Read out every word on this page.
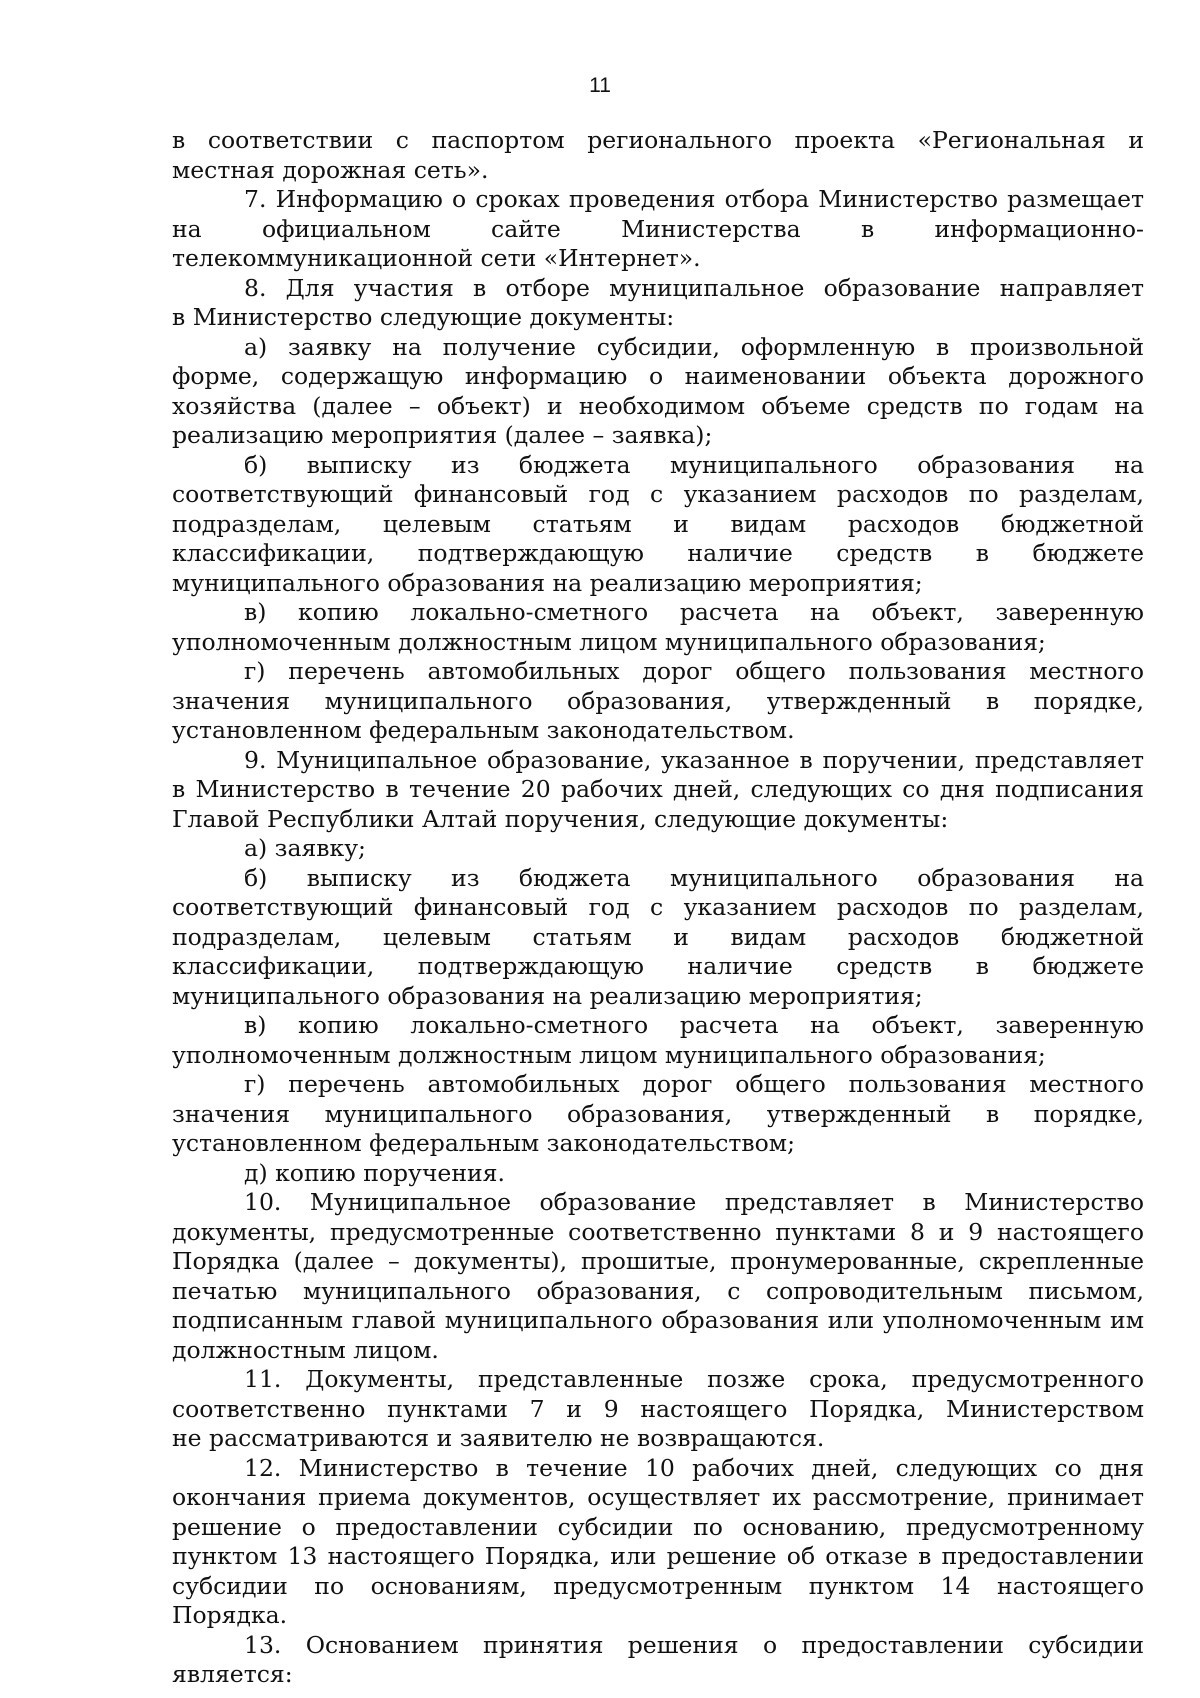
11

в соответствии с паспортом регионального проекта «Региональная и местная дорожная сеть».

7. Информацию о сроках проведения отбора Министерство размещает на официальном сайте Министерства в информационно-телекоммуникационной сети «Интернет».

8. Для участия в отборе муниципальное образование направляет

в Министерство следующие документы:

а) заявку на получение субсидии, оформленную в произвольной форме, содержащую информацию о наименовании объекта дорожного хозяйства (далее – объект) и необходимом объеме средств по годам на реализацию мероприятия (далее – заявка);

б) выписку из бюджета муниципального образования на соответствующий финансовый год с указанием расходов по разделам, подразделам, целевым статьям и видам расходов бюджетной классификации, подтверждающую наличие средств в бюджете муниципального образования на реализацию мероприятия;

в) копию локально-сметного расчета на объект, заверенную уполномоченным должностным лицом муниципального образования;

г) перечень автомобильных дорог общего пользования местного значения муниципального образования, утвержденный в порядке, установленном федеральным законодательством.

9. Муниципальное образование, указанное в поручении, представляет в Министерство в течение 20 рабочих дней, следующих со дня подписания Главой Республики Алтай поручения, следующие документы:

а) заявку;

б) выписку из бюджета муниципального образования на соответствующий финансовый год с указанием расходов по разделам, подразделам, целевым статьям и видам расходов бюджетной классификации, подтверждающую наличие средств в бюджете муниципального образования на реализацию мероприятия;

в) копию локально-сметного расчета на объект, заверенную уполномоченным должностным лицом муниципального образования;

г) перечень автомобильных дорог общего пользования местного значения муниципального образования, утвержденный в порядке, установленном федеральным законодательством;

д) копию поручения.

10. Муниципальное образование представляет в Министерство документы, предусмотренные соответственно пунктами 8 и 9 настоящего Порядка (далее – документы), прошитые, пронумерованные, скрепленные печатью муниципального образования, с сопроводительным письмом, подписанным главой муниципального образования или уполномоченным им должностным лицом.

11. Документы, представленные позже срока, предусмотренного

соответственно пунктами 7 и 9 настоящего Порядка, Министерством

не рассматриваются и заявителю не возвращаются.

12. Министерство в течение 10 рабочих дней, следующих со дня окончания приема документов, осуществляет их рассмотрение, принимает решение о предоставлении субсидии по основанию, предусмотренному пунктом 13 настоящего Порядка, или решение об отказе в предоставлении субсидии по основаниям, предусмотренным пунктом 14 настоящего Порядка.

13. Основанием принятия решения о предоставлении субсидии является:
